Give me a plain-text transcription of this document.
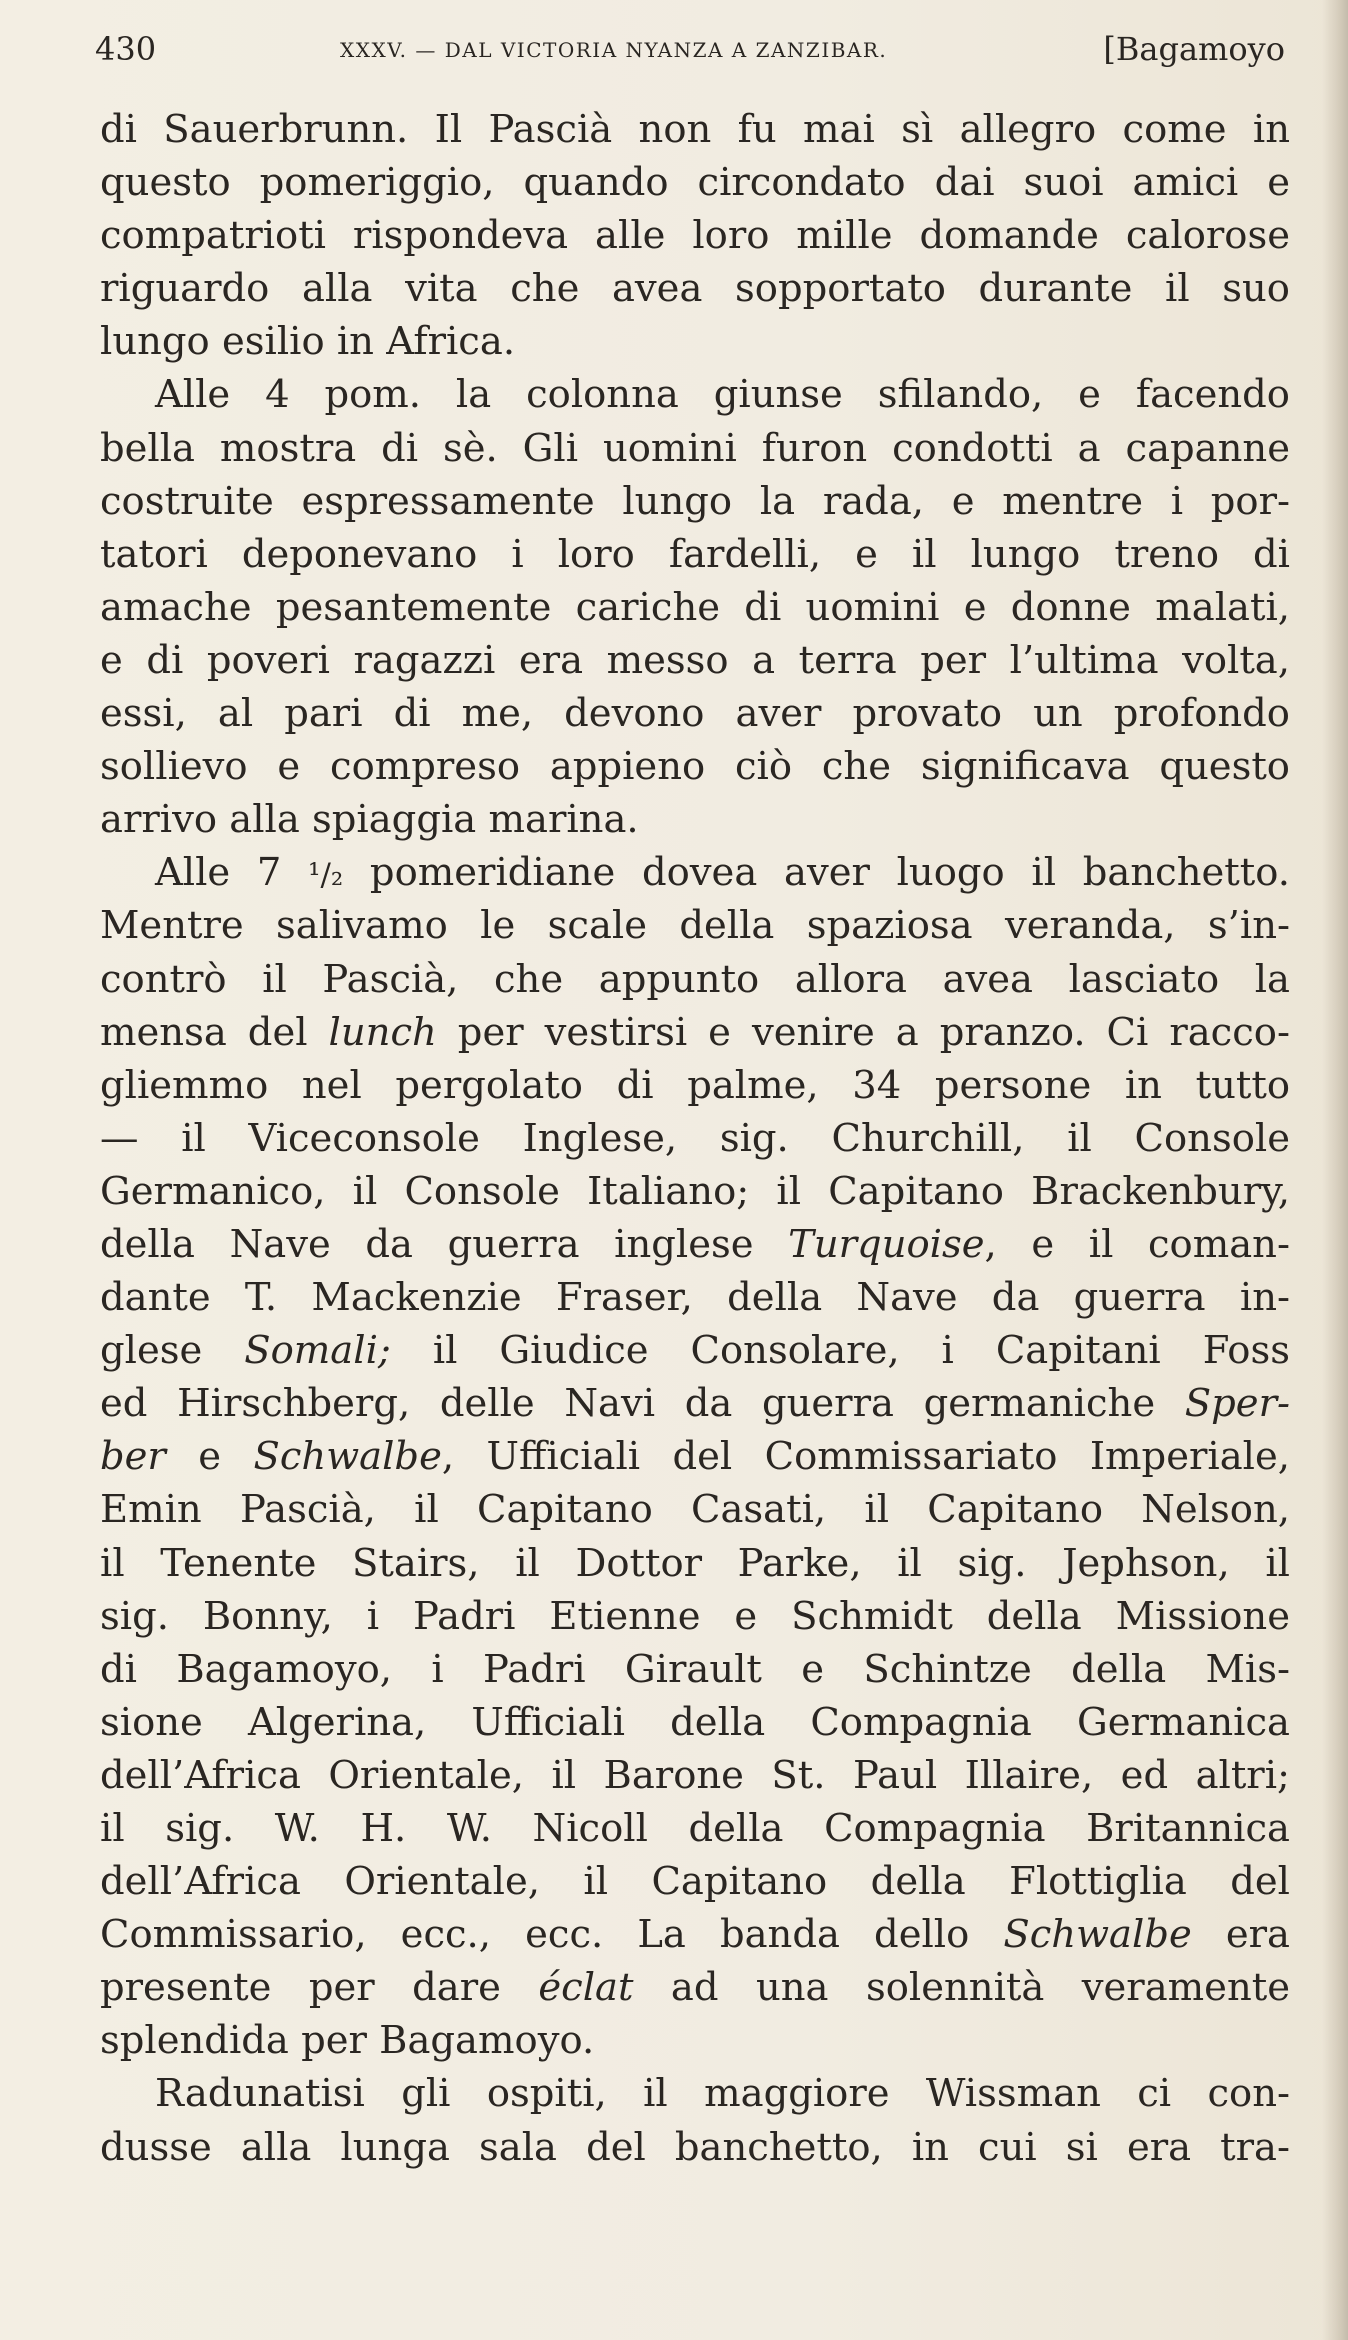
430	XXXV. — DAL VICTORIA NYANZA A ZANZIBAR.	[Bagamoyo
di Sauerbrunn. Il Pascià non fu mai sì allegro come in
questo pomeriggio, quando circondato dai suoi amici e
compatrioti rispondeva alle loro mille domande calorose
riguardo alla vita che avea sopportato durante il suo
lungo esilio in Africa.
Alle 4 pom. la colonna giunse sfilando, e facendo
bella mostra di sè. Gli uomini furon condotti a capanne
costruite espressamente lungo la rada, e mentre i por-
tatori deponevano i loro fardelli, e il lungo treno di
amache pesantemente cariche di uomini e donne malati,
e di poveri ragazzi era messo a terra per l’ultima volta,
essi, al pari di me, devono aver provato un profondo
sollievo e compreso appieno ciò che significava questo
arrivo alla spiaggia marina.
Alle 7 ¹/₂ pomeridiane dovea aver luogo il banchetto.
Mentre salivamo le scale della spaziosa veranda, s’in-
contrò il Pascià, che appunto allora avea lasciato la
mensa del lunch per vestirsi e venire a pranzo. Ci racco-
gliemmo nel pergolato di palme, 34 persone in tutto
— il Viceconsole Inglese, sig. Churchill, il Console
Germanico, il Console Italiano; il Capitano Brackenbury,
della Nave da guerra inglese Turquoise, e il coman-
dante T. Mackenzie Fraser, della Nave da guerra in-
glese Somali; il Giudice Consolare, i Capitani Foss
ed Hirschberg, delle Navi da guerra germaniche Sper-
ber e Schwalbe, Ufficiali del Commissariato Imperiale,
Emin Pascià, il Capitano Casati, il Capitano Nelson,
il Tenente Stairs, il Dottor Parke, il sig. Jephson, il
sig. Bonny, i Padri Etienne e Schmidt della Missione
di Bagamoyo, i Padri Girault e Schintze della Mis-
sione Algerina, Ufficiali della Compagnia Germanica
dell’Africa Orientale, il Barone St. Paul Illaire, ed altri;
il sig. W. H. W. Nicoll della Compagnia Britannica
dell’Africa Orientale, il Capitano della Flottiglia del
Commissario, ecc., ecc. La banda dello Schwalbe era
presente per dare éclat ad una solennità veramente
splendida per Bagamoyo.
Radunatisi gli ospiti, il maggiore Wissman ci con-
dusse alla lunga sala del banchetto, in cui si era tra-
